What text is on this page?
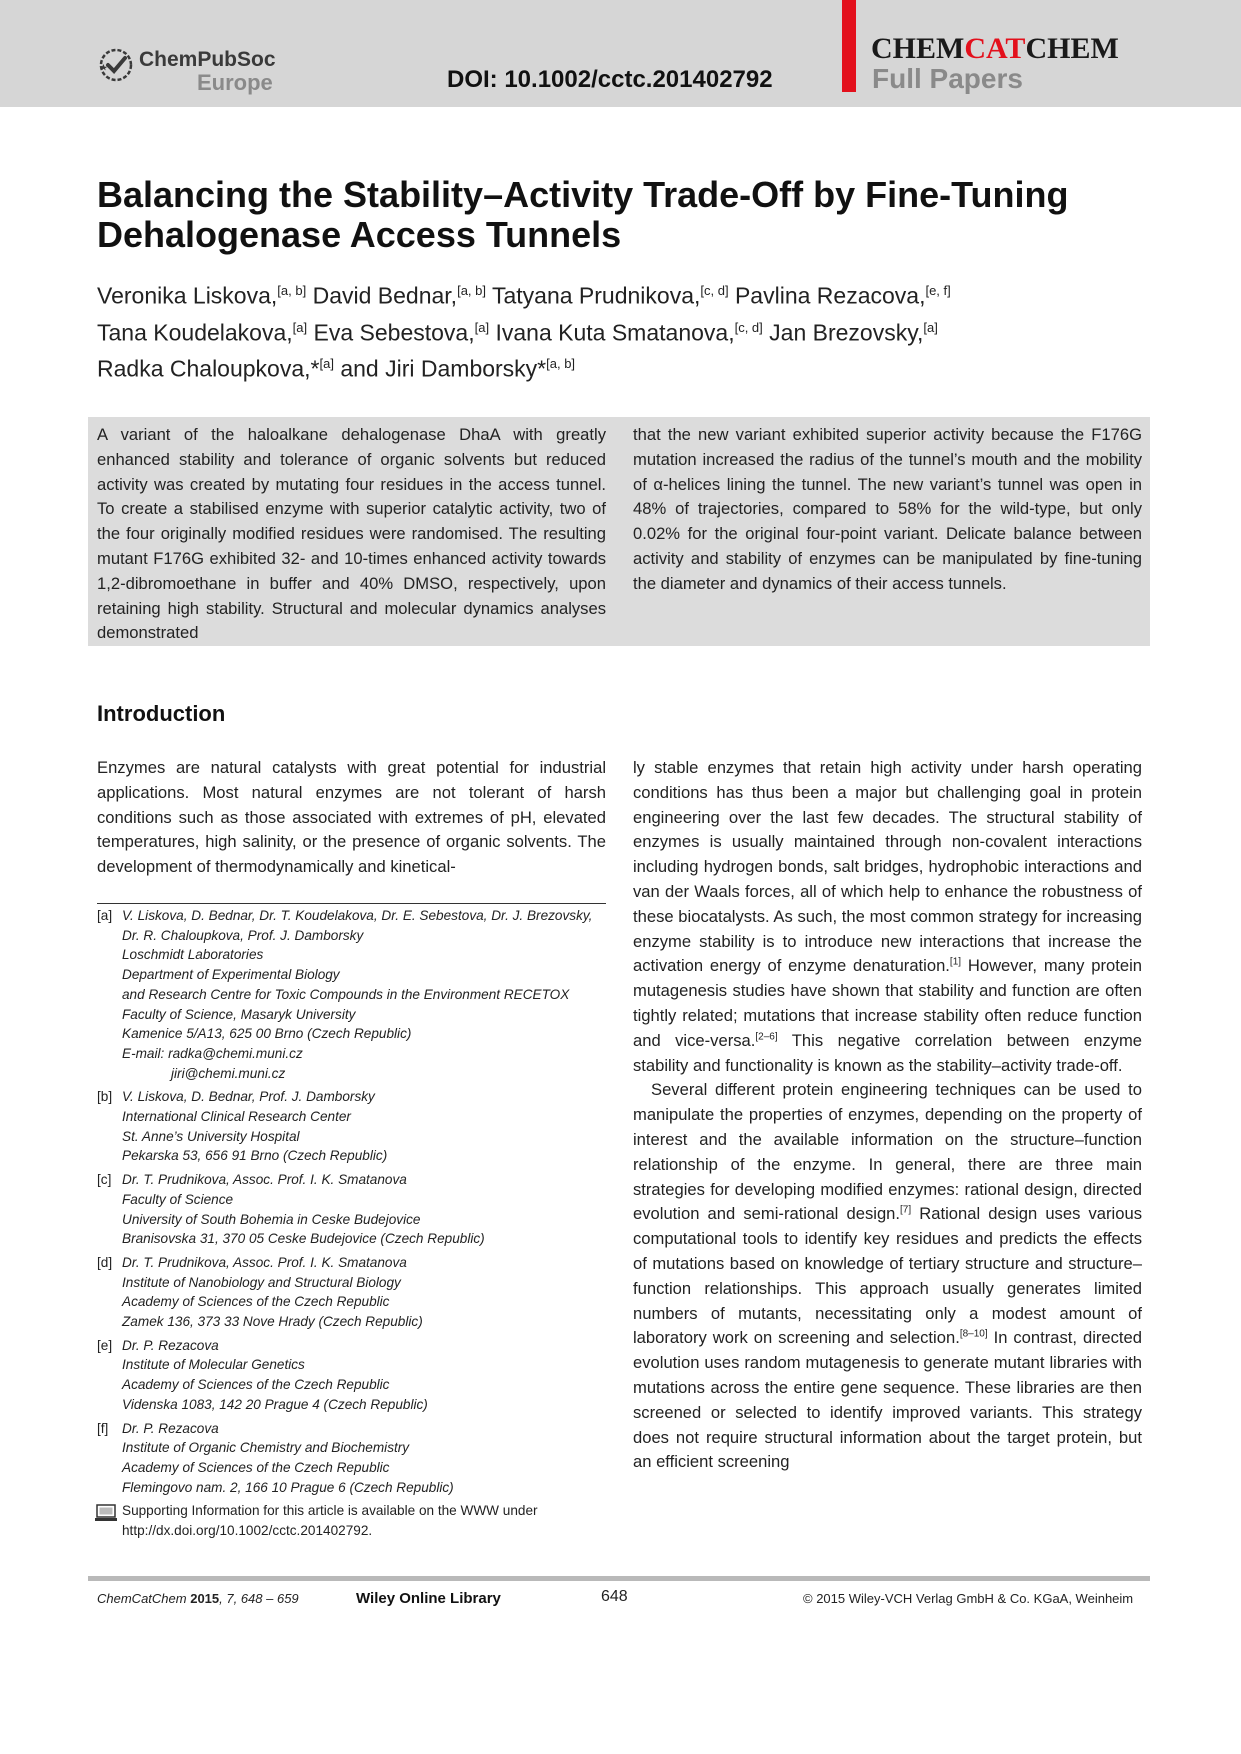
ChemPubSoc
Europe	DOI: 10.1002/cctc.201402792
CHEMCATCHEM
Full Papers
Balancing the Stability–Activity Trade-Off by Fine-Tuning Dehalogenase Access Tunnels
Veronika Liskova,[a, b] David Bednar,[a, b] Tatyana Prudnikova,[c, d] Pavlina Rezacova,[e, f]
Tana Koudelakova,[a] Eva Sebestova,[a] Ivana Kuta Smatanova,[c, d] Jan Brezovsky,[a]
Radka Chaloupkova,*[a] and Jiri Damborsky*[a, b]

A variant of the haloalkane dehalogenase DhaA with greatly enhanced stability and tolerance of organic solvents but reduced activity was created by mutating four residues in the access tunnel. To create a stabilised enzyme with superior catalytic activity, two of the four originally modified residues were randomised. The resulting mutant F176G exhibited 32- and 10-times enhanced activity towards 1,2-dibromoethane in buffer and 40% DMSO, respectively, upon retaining high stability. Structural and molecular dynamics analyses demonstrated

that the new variant exhibited superior activity because the F176G mutation increased the radius of the tunnel’s mouth and the mobility of α-helices lining the tunnel. The new variant’s tunnel was open in 48% of trajectories, compared to 58% for the wild-type, but only 0.02% for the original four-point variant. Delicate balance between activity and stability of enzymes can be manipulated by fine-tuning the diameter and dynamics of their access tunnels.

Introduction

Enzymes are natural catalysts with great potential for industrial applications. Most natural enzymes are not tolerant of harsh conditions such as those associated with extremes of pH, elevated temperatures, high salinity, or the presence of organic solvents. The development of thermodynamically and kinetical-

ly stable enzymes that retain high activity under harsh operating conditions has thus been a major but challenging goal in protein engineering over the last few decades. The structural stability of enzymes is usually maintained through non-covalent interactions including hydrogen bonds, salt bridges, hydrophobic interactions and van der Waals forces, all of which help to enhance the robustness of these biocatalysts. As such, the most common strategy for increasing enzyme stability is to introduce new interactions that increase the activation energy of enzyme denaturation.[1] However, many protein mutagenesis studies have shown that stability and function are often tightly related; mutations that increase stability often reduce function and vice-versa.[2–6] This negative correlation between enzyme stability and functionality is known as the stability–activity trade-off.

Several different protein engineering techniques can be used to manipulate the properties of enzymes, depending on the property of interest and the available information on the structure–function relationship of the enzyme. In general, there are three main strategies for developing modified enzymes: rational design, directed evolution and semi-rational design.[7] Rational design uses various computational tools to identify key residues and predicts the effects of mutations based on knowledge of tertiary structure and structure–function relationships. This approach usually generates limited numbers of mutants, necessitating only a modest amount of laboratory work on screening and selection.[8–10] In contrast, directed evolution uses random mutagenesis to generate mutant libraries with mutations across the entire gene sequence. These libraries are then screened or selected to identify improved variants. This strategy does not require structural information about the target protein, but an efficient screening

[a] V. Liskova, D. Bednar, Dr. T. Koudelakova, Dr. E. Sebestova, Dr. J. Brezovsky,
Dr. R. Chaloupkova, Prof. J. Damborsky
Loschmidt Laboratories
Department of Experimental Biology
and Research Centre for Toxic Compounds in the Environment RECETOX
Faculty of Science, Masaryk University
Kamenice 5/A13, 625 00 Brno (Czech Republic)
E-mail: radka@chemi.muni.cz
jiri@chemi.muni.cz
[b] V. Liskova, D. Bednar, Prof. J. Damborsky
International Clinical Research Center
St. Anne’s University Hospital
Pekarska 53, 656 91 Brno (Czech Republic)
[c] Dr. T. Prudnikova, Assoc. Prof. I. K. Smatanova
Faculty of Science
University of South Bohemia in Ceske Budejovice
Branisovska 31, 370 05 Ceske Budejovice (Czech Republic)
[d] Dr. T. Prudnikova, Assoc. Prof. I. K. Smatanova
Institute of Nanobiology and Structural Biology
Academy of Sciences of the Czech Republic
Zamek 136, 373 33 Nove Hrady (Czech Republic)
[e] Dr. P. Rezacova
Institute of Molecular Genetics
Academy of Sciences of the Czech Republic
Videnska 1083, 142 20 Prague 4 (Czech Republic)
[f] Dr. P. Rezacova
Institute of Organic Chemistry and Biochemistry
Academy of Sciences of the Czech Republic
Flemingovo nam. 2, 166 10 Prague 6 (Czech Republic)
Supporting Information for this article is available on the WWW under
http://dx.doi.org/10.1002/cctc.201402792.
ChemCatChem 2015, 7, 648 – 659	Wiley Online Library	648	© 2015 Wiley-VCH Verlag GmbH & Co. KGaA, Weinheim
